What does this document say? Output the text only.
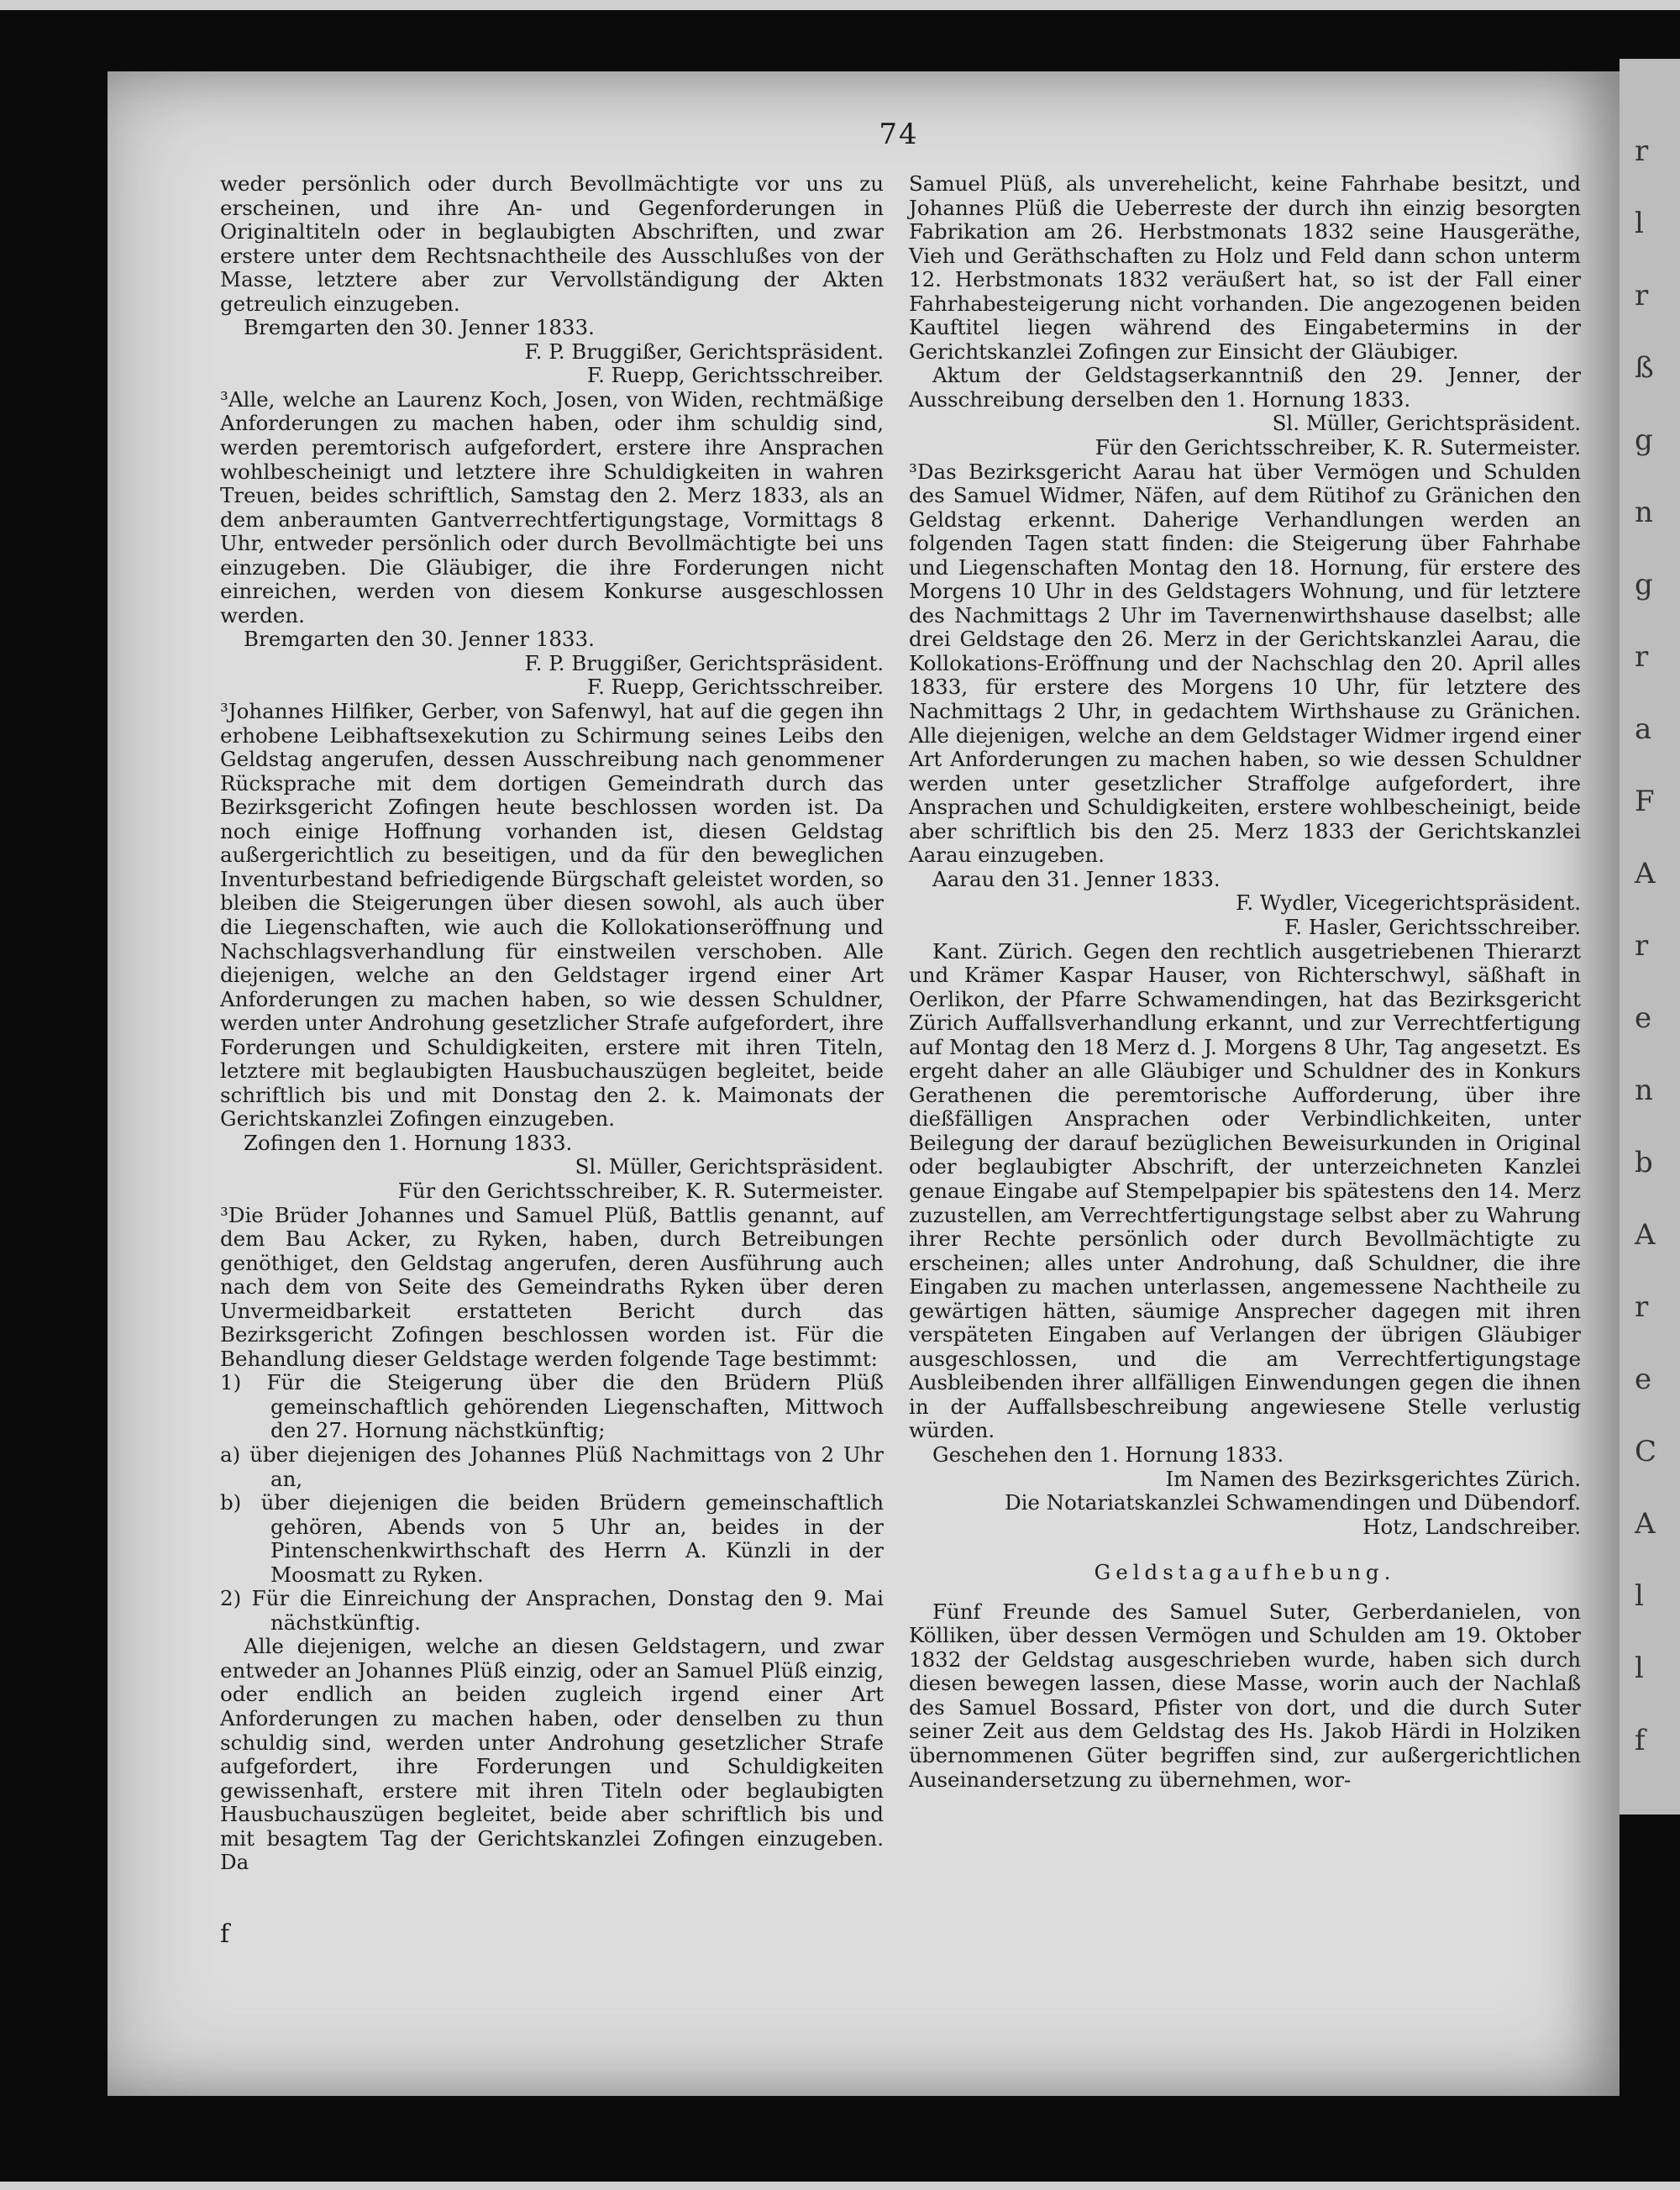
r
l
r
ß
g
n
g
r
a
F
A
r
e
n
b
A
r
e
C
A
l
l
f
74

weder persönlich oder durch Bevollmächtigte vor uns zu erscheinen, und ihre An- und Gegenforderungen in Originaltiteln oder in beglaubigten Abschriften, und zwar erstere unter dem Rechtsnachtheile des Ausschlußes von der Masse, letztere aber zur Vervollständigung der Akten getreulich einzugeben.

Bremgarten den 30. Jenner 1833.

F. P. Bruggißer, Gerichtspräsident.

F. Ruepp, Gerichtsschreiber.

³Alle, welche an Laurenz Koch, Josen, von Widen, rechtmäßige Anforderungen zu machen haben, oder ihm schuldig sind, werden peremtorisch aufgefordert, erstere ihre Ansprachen wohlbescheinigt und letztere ihre Schuldigkeiten in wahren Treuen, beides schriftlich, Samstag den 2. Merz 1833, als an dem anberaumten Gantverrechtfertigungstage, Vormittags 8 Uhr, entweder persönlich oder durch Bevollmächtigte bei uns einzugeben. Die Gläubiger, die ihre Forderungen nicht einreichen, werden von diesem Konkurse ausgeschlossen werden.

Bremgarten den 30. Jenner 1833.

F. P. Bruggißer, Gerichtspräsident.

F. Ruepp, Gerichtsschreiber.

³Johannes Hilfiker, Gerber, von Safenwyl, hat auf die gegen ihn erhobene Leibhaftsexekution zu Schirmung seines Leibs den Geldstag angerufen, dessen Ausschreibung nach genommener Rücksprache mit dem dortigen Gemeindrath durch das Bezirksgericht Zofingen heute beschlossen worden ist. Da noch einige Hoffnung vorhanden ist, diesen Geldstag außergerichtlich zu beseitigen, und da für den beweglichen Inventurbestand befriedigende Bürgschaft geleistet worden, so bleiben die Steigerungen über diesen sowohl, als auch über die Liegenschaften, wie auch die Kollokationseröffnung und Nachschlagsverhandlung für einstweilen verschoben. Alle diejenigen, welche an den Geldstager irgend einer Art Anforderungen zu machen haben, so wie dessen Schuldner, werden unter Androhung gesetzlicher Strafe aufgefordert, ihre Forderungen und Schuldigkeiten, erstere mit ihren Titeln, letztere mit beglaubigten Hausbuchauszügen begleitet, beide schriftlich bis und mit Donstag den 2. k. Maimonats der Gerichtskanzlei Zofingen einzugeben.

Zofingen den 1. Hornung 1833.

Sl. Müller, Gerichtspräsident.

Für den Gerichtsschreiber, K. R. Sutermeister.

³Die Brüder Johannes und Samuel Plüß, Battlis genannt, auf dem Bau Acker, zu Ryken, haben, durch Betreibungen genöthiget, den Geldstag angerufen, deren Ausführung auch nach dem von Seite des Gemeindraths Ryken über deren Unvermeidbarkeit erstatteten Bericht durch das Bezirksgericht Zofingen beschlossen worden ist. Für die Behandlung dieser Geldstage werden folgende Tage bestimmt:

1) Für die Steigerung über die den Brüdern Plüß gemeinschaftlich gehörenden Liegenschaften, Mittwoch den 27. Hornung nächstkünftig;

a) über diejenigen des Johannes Plüß Nachmittags von 2 Uhr an,

b) über diejenigen die beiden Brüdern gemeinschaftlich gehören, Abends von 5 Uhr an, beides in der Pintenschenkwirthschaft des Herrn A. Künzli in der Moosmatt zu Ryken.

2) Für die Einreichung der Ansprachen, Donstag den 9. Mai nächstkünftig.

Alle diejenigen, welche an diesen Geldstagern, und zwar entweder an Johannes Plüß einzig, oder an Samuel Plüß einzig, oder endlich an beiden zugleich irgend einer Art Anforderungen zu machen haben, oder denselben zu thun schuldig sind, werden unter Androhung gesetzlicher Strafe aufgefordert, ihre Forderungen und Schuldigkeiten gewissenhaft, erstere mit ihren Titeln oder beglaubigten Hausbuchauszügen begleitet, beide aber schriftlich bis und mit besagtem Tag der Gerichtskanzlei Zofingen einzugeben. Da

Samuel Plüß, als unverehelicht, keine Fahrhabe besitzt, und Johannes Plüß die Ueberreste der durch ihn einzig besorgten Fabrikation am 26. Herbstmonats 1832 seine Hausgeräthe, Vieh und Geräthschaften zu Holz und Feld dann schon unterm 12. Herbstmonats 1832 veräußert hat, so ist der Fall einer Fahrhabesteigerung nicht vorhanden. Die angezogenen beiden Kauftitel liegen während des Eingabetermins in der Gerichtskanzlei Zofingen zur Einsicht der Gläubiger.

Aktum der Geldstagserkanntniß den 29. Jenner, der Ausschreibung derselben den 1. Hornung 1833.

Sl. Müller, Gerichtspräsident.

Für den Gerichtsschreiber, K. R. Sutermeister.

³Das Bezirksgericht Aarau hat über Vermögen und Schulden des Samuel Widmer, Näfen, auf dem Rütihof zu Gränichen den Geldstag erkennt. Daherige Verhandlungen werden an folgenden Tagen statt finden: die Steigerung über Fahrhabe und Liegenschaften Montag den 18. Hornung, für erstere des Morgens 10 Uhr in des Geldstagers Wohnung, und für letztere des Nachmittags 2 Uhr im Tavernenwirthshause daselbst; alle drei Geldstage den 26. Merz in der Gerichtskanzlei Aarau, die Kollokations-Eröffnung und der Nachschlag den 20. April alles 1833, für erstere des Morgens 10 Uhr, für letztere des Nachmittags 2 Uhr, in gedachtem Wirthshause zu Gränichen. Alle diejenigen, welche an dem Geldstager Widmer irgend einer Art Anforderungen zu machen haben, so wie dessen Schuldner werden unter gesetzlicher Straffolge aufgefordert, ihre Ansprachen und Schuldigkeiten, erstere wohlbescheinigt, beide aber schriftlich bis den 25. Merz 1833 der Gerichtskanzlei Aarau einzugeben.

Aarau den 31. Jenner 1833.

F. Wydler, Vicegerichtspräsident.

F. Hasler, Gerichtsschreiber.

Kant. Zürich. Gegen den rechtlich ausgetriebenen Thierarzt und Krämer Kaspar Hauser, von Richterschwyl, säßhaft in Oerlikon, der Pfarre Schwamendingen, hat das Bezirksgericht Zürich Auffallsverhandlung erkannt, und zur Verrechtfertigung auf Montag den 18 Merz d. J. Morgens 8 Uhr, Tag angesetzt. Es ergeht daher an alle Gläubiger und Schuldner des in Konkurs Gerathenen die peremtorische Aufforderung, über ihre dießfälligen Ansprachen oder Verbindlichkeiten, unter Beilegung der darauf bezüglichen Beweisurkunden in Original oder beglaubigter Abschrift, der unterzeichneten Kanzlei genaue Eingabe auf Stempelpapier bis spätestens den 14. Merz zuzustellen, am Verrechtfertigungstage selbst aber zu Wahrung ihrer Rechte persönlich oder durch Bevollmächtigte zu erscheinen; alles unter Androhung, daß Schuldner, die ihre Eingaben zu machen unterlassen, angemessene Nachtheile zu gewärtigen hätten, säumige Ansprecher dagegen mit ihren verspäteten Eingaben auf Verlangen der übrigen Gläubiger ausgeschlossen, und die am Verrechtfertigungstage Ausbleibenden ihrer allfälligen Einwendungen gegen die ihnen in der Auffallsbeschreibung angewiesene Stelle verlustig würden.

Geschehen den 1. Hornung 1833.

Im Namen des Bezirksgerichtes Zürich.

Die Notariatskanzlei Schwamendingen und Dübendorf.

Hotz, Landschreiber.

Geldstagaufhebung.

Fünf Freunde des Samuel Suter, Gerberdanielen, von Kölliken, über dessen Vermögen und Schulden am 19. Oktober 1832 der Geldstag ausgeschrieben wurde, haben sich durch diesen bewegen lassen, diese Masse, worin auch der Nachlaß des Samuel Bossard, Pfister von dort, und die durch Suter seiner Zeit aus dem Geldstag des Hs. Jakob Härdi in Holziken übernommenen Güter begriffen sind, zur außergerichtlichen Auseinandersetzung zu übernehmen, wor-

f
